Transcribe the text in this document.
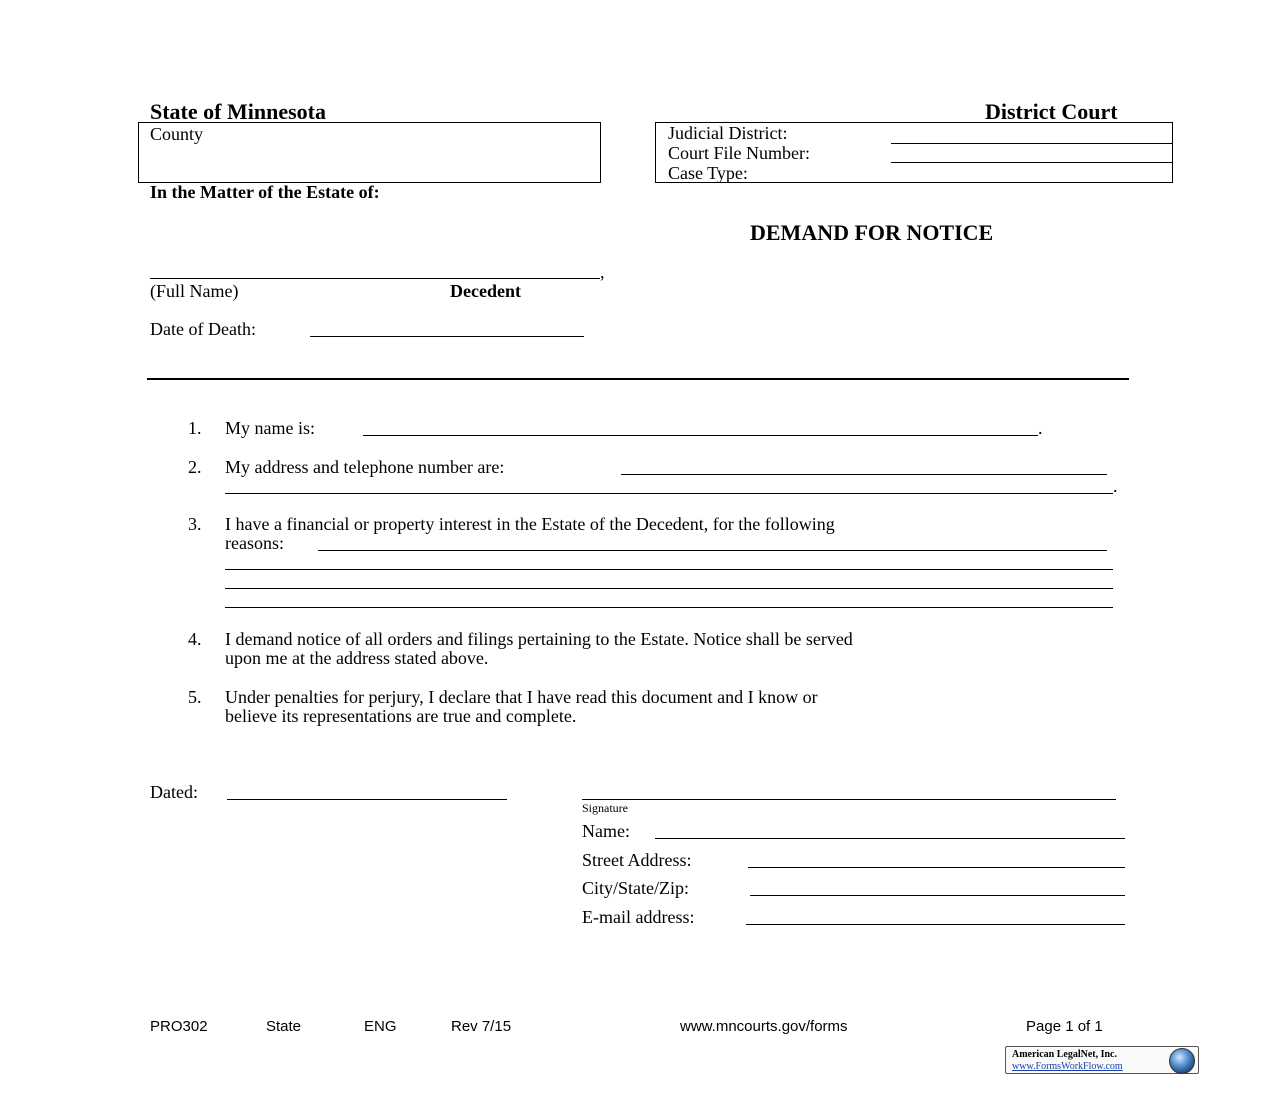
State of Minnesota	District Court
County	Judicial District:
Court File Number:
Case Type:
In the Matter of the Estate of:
DEMAND FOR NOTICE
,
(Full Name)	Decedent
Date of Death:
1. My name is:	.
2. My address and telephone number are:
.
3. I have a financial or property interest in the Estate of the Decedent, for the following
reasons:
4. I demand notice of all orders and filings pertaining to the Estate. Notice shall be served
upon me at the address stated above.
5. Under penalties for perjury, I declare that I have read this document and I know or
believe its representations are true and complete.
Dated:
Signature
Name:
Street Address:
City/State/Zip:
E-mail address:
PRO302	State	ENG	Rev 7/15	www.mncourts.gov/forms	Page 1 of 1
American LegalNet, Inc.
www.FormsWorkFlow.com
